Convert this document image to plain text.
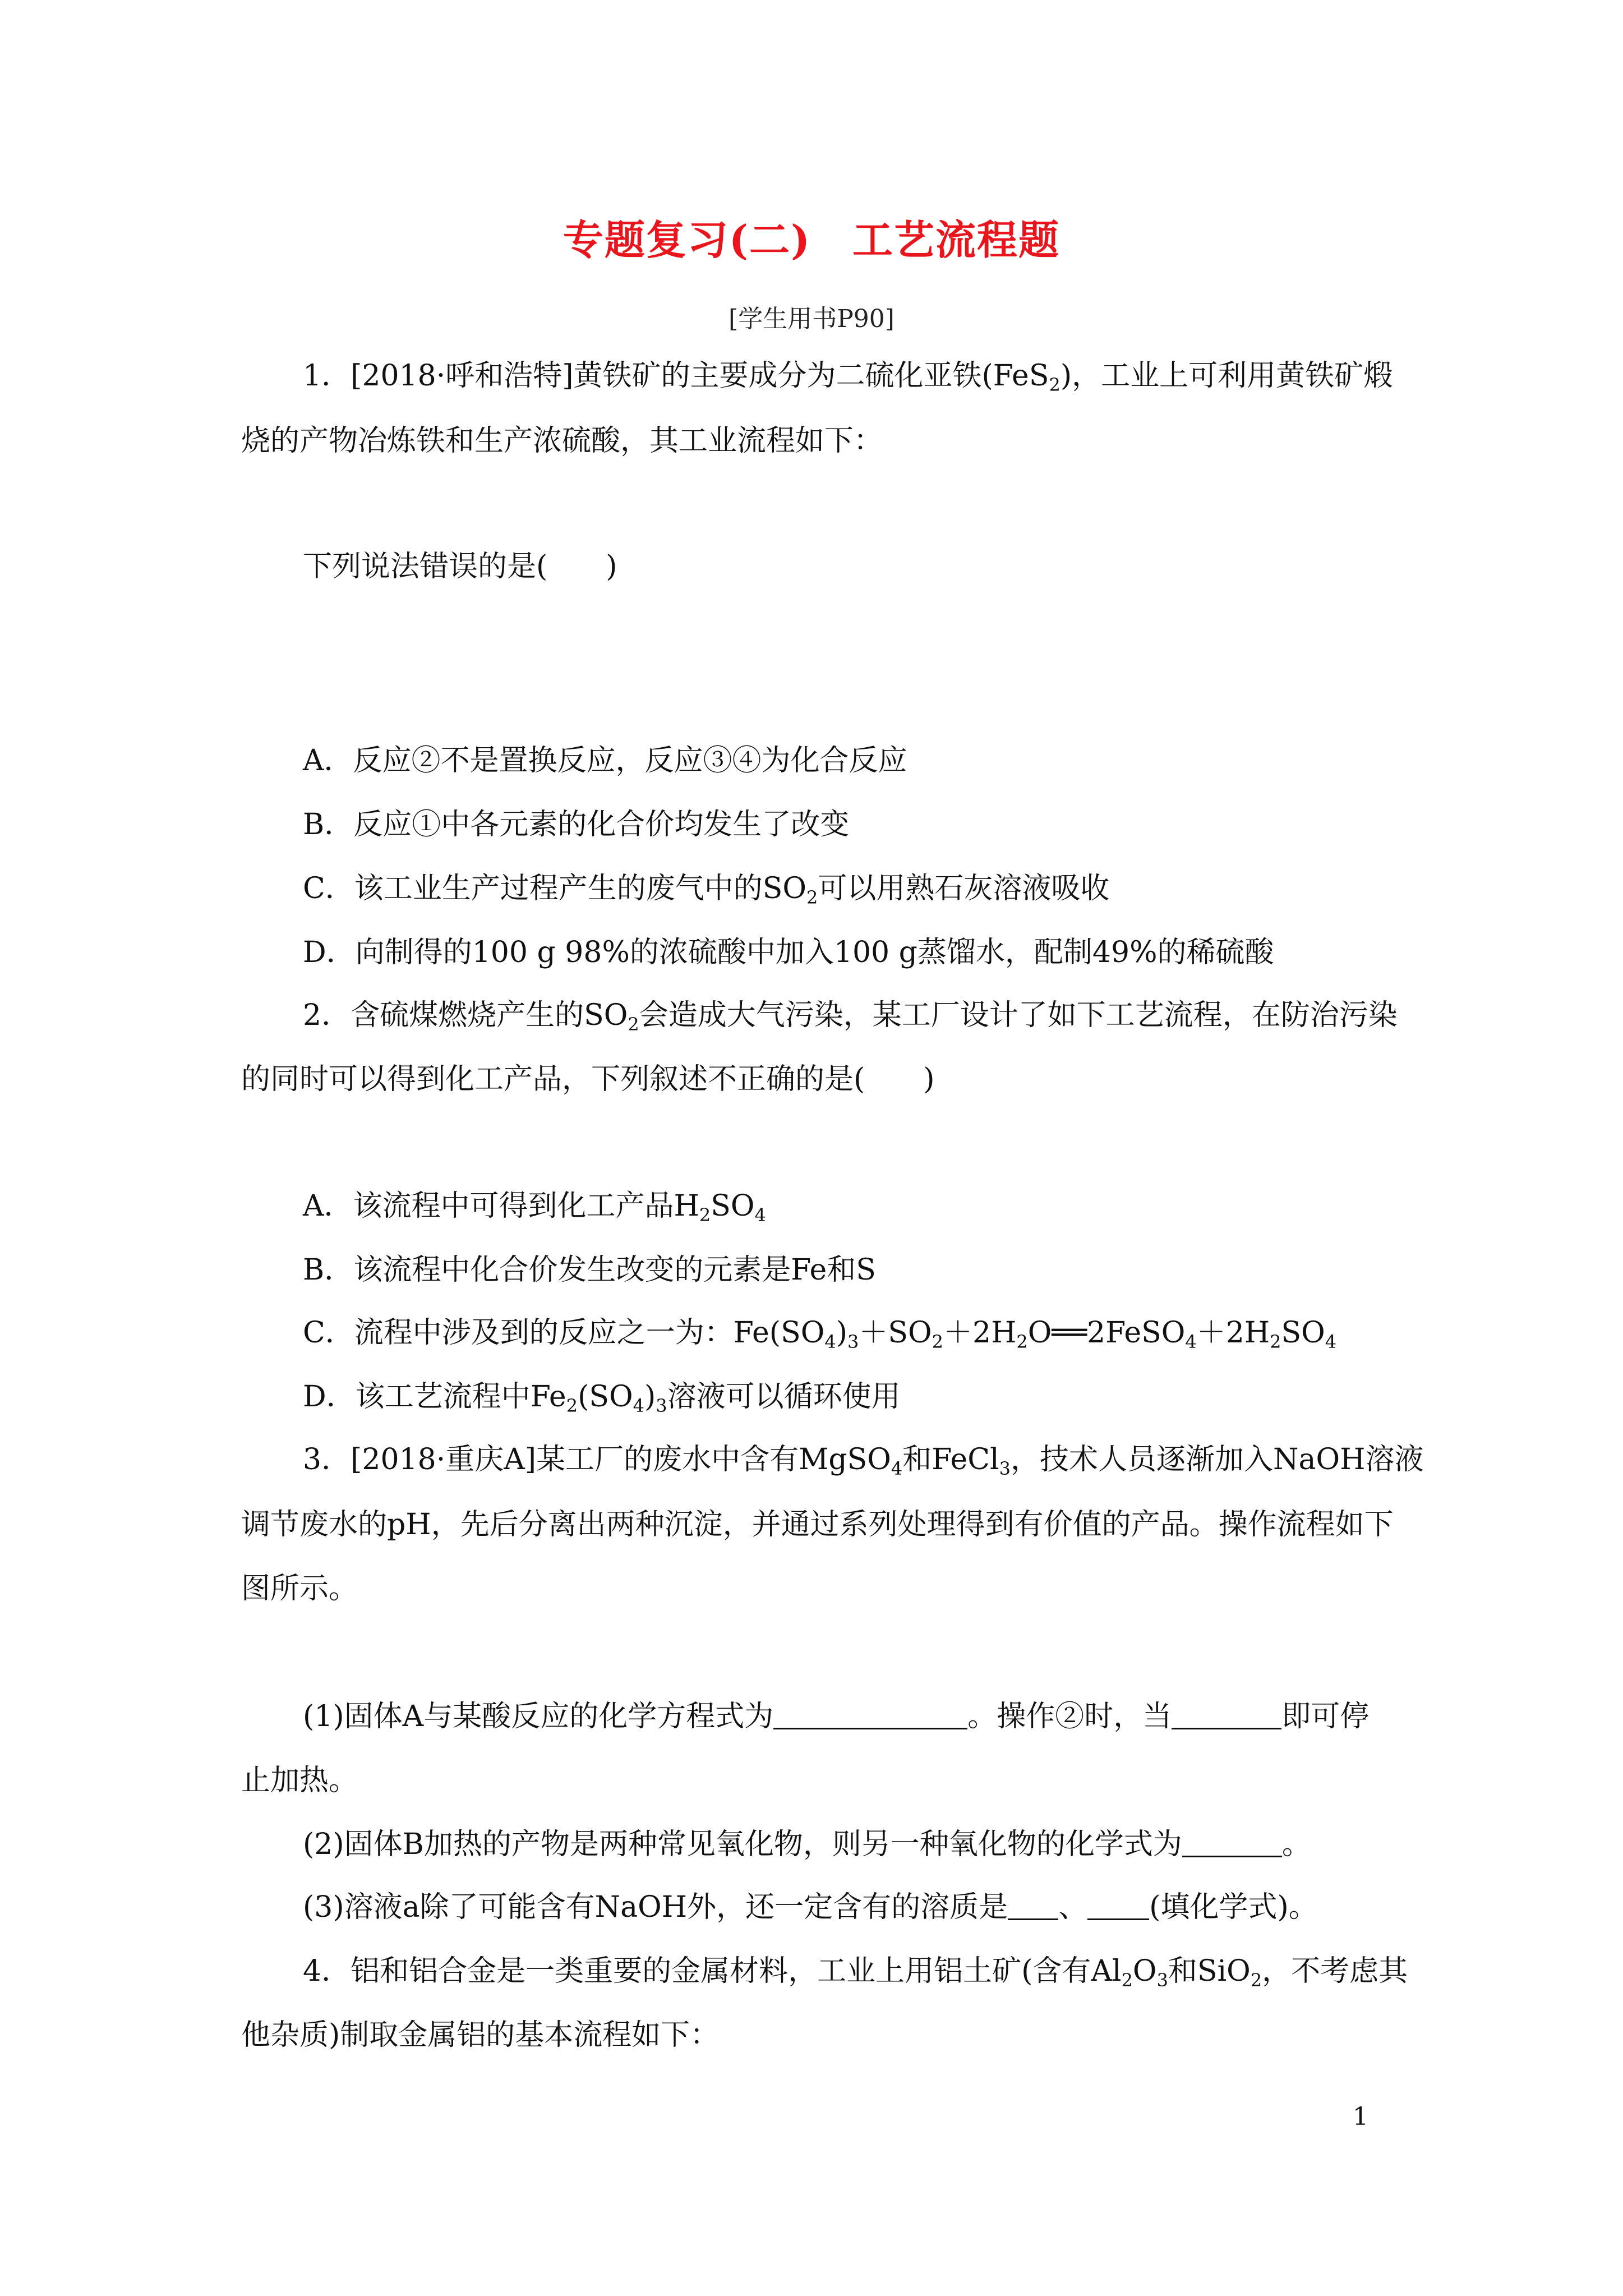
专题复习(二)　工艺流程题
[学生用书P90]
1．[2018·呼和浩特]黄铁矿的主要成分为二硫化亚铁(FeS$_2$)，工业上可利用黄铁矿煅
烧的产物冶炼铁和生产浓硫酸，其工业流程如下：
下列说法错误的是(　　)
A．反应②不是置换反应，反应③④为化合反应
B．反应①中各元素的化合价均发生了改变
C．该工业生产过程产生的废气中的$SO_2$可以用熟石灰溶液吸收
D．向制得的100 g 98%的浓硫酸中加入100 g蒸馏水，配制49%的稀硫酸
2．含硫煤燃烧产生的$SO_2$会造成大气污染，某工厂设计了如下工艺流程，在防治污染
的同时可以得到化工产品，下列叙述不正确的是(　　)
A．该流程中可得到化工产品$H_2SO_4$
B．该流程中化合价发生改变的元素是Fe和S
C．流程中涉及到的反应之一为：$Fe(SO_4)_3+SO_2+2H_2O══2FeSO_4+2H_2SO_4$
D．该工艺流程中$Fe_2(SO_4)_3$溶液可以循环使用
3．[2018·重庆A]某工厂的废水中含有MgSO$_4$和FeCl$_3$，技术人员逐渐加入NaOH溶液
调节废水的pH，先后分离出两种沉淀，并通过系列处理得到有价值的产品。操作流程如下
图所示。
(1)固体A与某酸反应的化学方程式为	。操作②时，当	即可停
止加热。
(2)固体B加热的产物是两种常见氧化物，则另一种氧化物的化学式为	。
(3)溶液a除了可能含有NaOH外，还一定含有的溶质是 、 (填化学式)。
4．铝和铝合金是一类重要的金属材料，工业上用铝土矿(含有$Al_2O_3$和SiO$_2$，不考虑其
他杂质)制取金属铝的基本流程如下：
1
